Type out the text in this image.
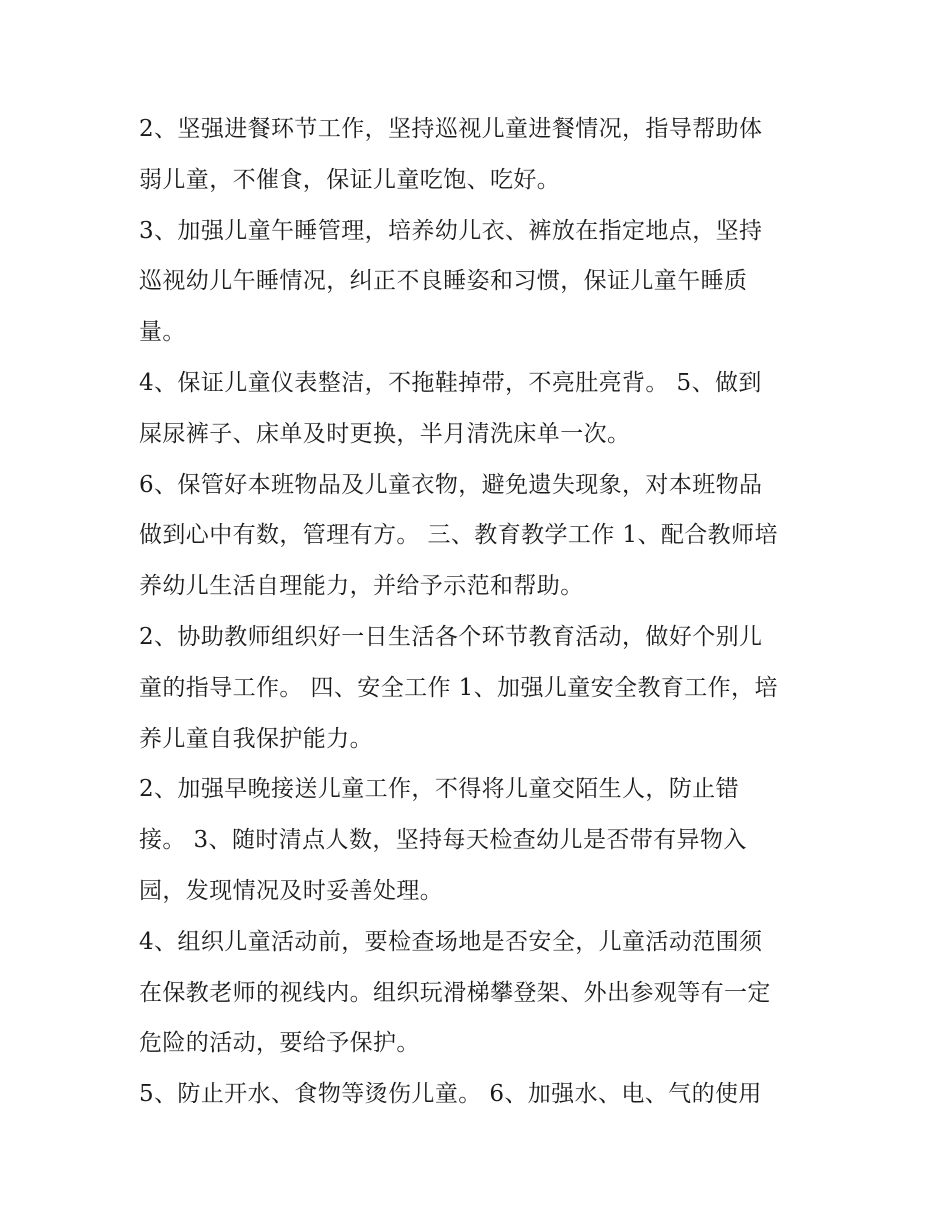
2、坚强进餐环节工作，坚持巡视儿童进餐情况，指导帮助体
弱儿童，不催食，保证儿童吃饱、吃好。
3、加强儿童午睡管理，培养幼儿衣、裤放在指定地点，坚持
巡视幼儿午睡情况，纠正不良睡姿和习惯，保证儿童午睡质
量。
4、保证儿童仪表整洁，不拖鞋掉带，不亮肚亮背。 5、做到
屎尿裤子、床单及时更换，半月清洗床单一次。
6、保管好本班物品及儿童衣物，避免遗失现象，对本班物品
做到心中有数，管理有方。 三、教育教学工作 1、配合教师培
养幼儿生活自理能力，并给予示范和帮助。
2、协助教师组织好一日生活各个环节教育活动，做好个别儿
童的指导工作。 四、安全工作 1、加强儿童安全教育工作，培
养儿童自我保护能力。
2、加强早晚接送儿童工作，不得将儿童交陌生人，防止错
接。 3、随时清点人数，坚持每天检查幼儿是否带有异物入
园，发现情况及时妥善处理。
4、组织儿童活动前，要检查场地是否安全，儿童活动范围须
在保教老师的视线内。组织玩滑梯攀登架、外出参观等有一定
危险的活动，要给予保护。
5、防止开水、食物等烫伤儿童。 6、加强水、电、气的使用
